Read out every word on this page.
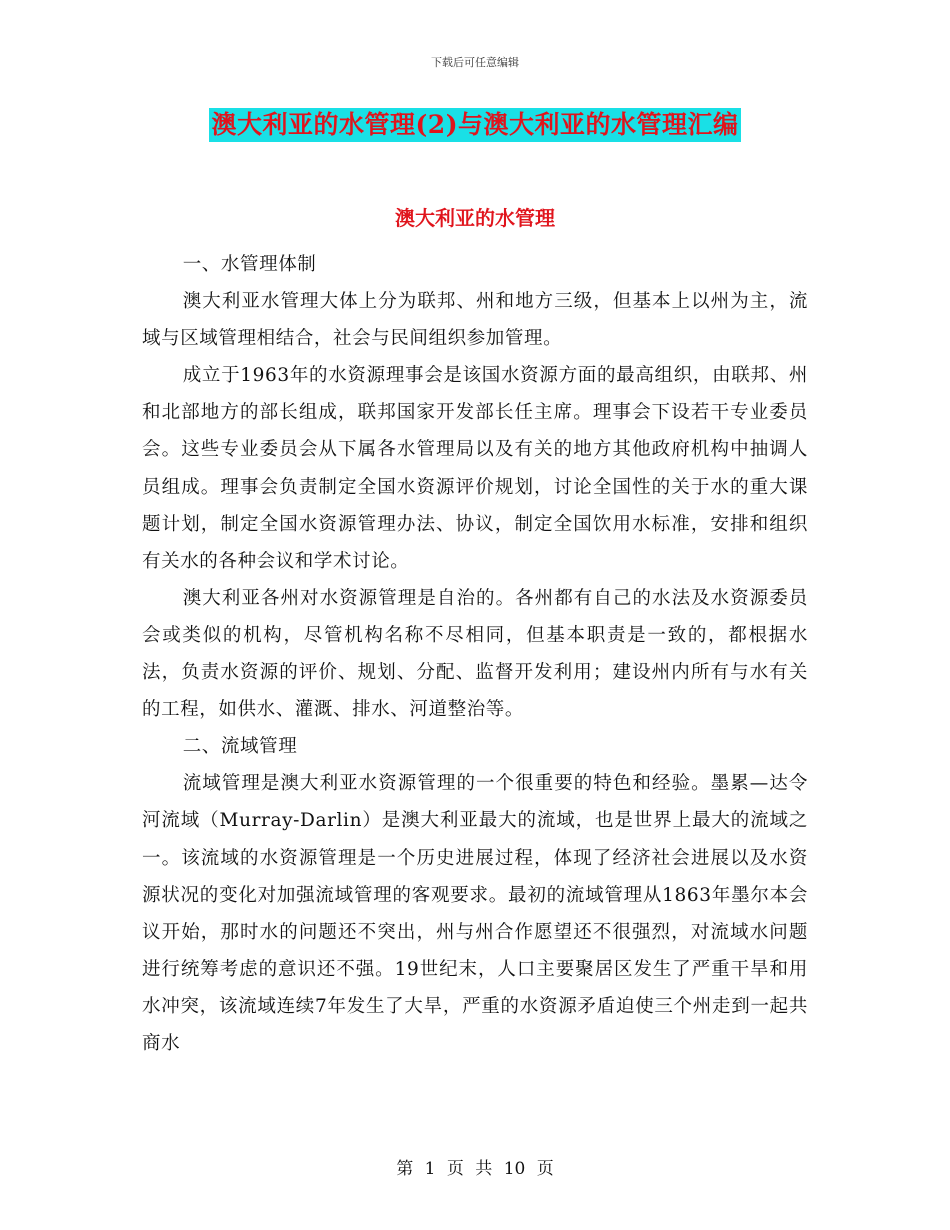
下载后可任意编辑
澳大利亚的水管理(2)与澳大利亚的水管理汇编
澳大利亚的水管理

一、水管理体制

澳大利亚水管理大体上分为联邦、州和地方三级，但基本上以州为主，流域与区域管理相结合，社会与民间组织参加管理。

成立于1963年的水资源理事会是该国水资源方面的最高组织，由联邦、州和北部地方的部长组成，联邦国家开发部长任主席。理事会下设若干专业委员会。这些专业委员会从下属各水管理局以及有关的地方其他政府机构中抽调人员组成。理事会负责制定全国水资源评价规划，讨论全国性的关于水的重大课题计划，制定全国水资源管理办法、协议，制定全国饮用水标准，安排和组织有关水的各种会议和学术讨论。

澳大利亚各州对水资源管理是自治的。各州都有自己的水法及水资源委员会或类似的机构，尽管机构名称不尽相同，但基本职责是一致的，都根据水法，负责水资源的评价、规划、分配、监督开发利用；建设州内所有与水有关的工程，如供水、灌溉、排水、河道整治等。

二、流域管理

流域管理是澳大利亚水资源管理的一个很重要的特色和经验。墨累—达令河流域（Murray-Darlin）是澳大利亚最大的流域，也是世界上最大的流域之一。该流域的水资源管理是一个历史进展过程，体现了经济社会进展以及水资源状况的变化对加强流域管理的客观要求。最初的流域管理从1863年墨尔本会议开始，那时水的问题还不突出，州与州合作愿望还不很强烈，对流域水问题进行统筹考虑的意识还不强。19世纪末，人口主要聚居区发生了严重干旱和用水冲突，该流域连续7年发生了大旱，严重的水资源矛盾迫使三个州走到一起共商水

第 1 页 共 10 页
